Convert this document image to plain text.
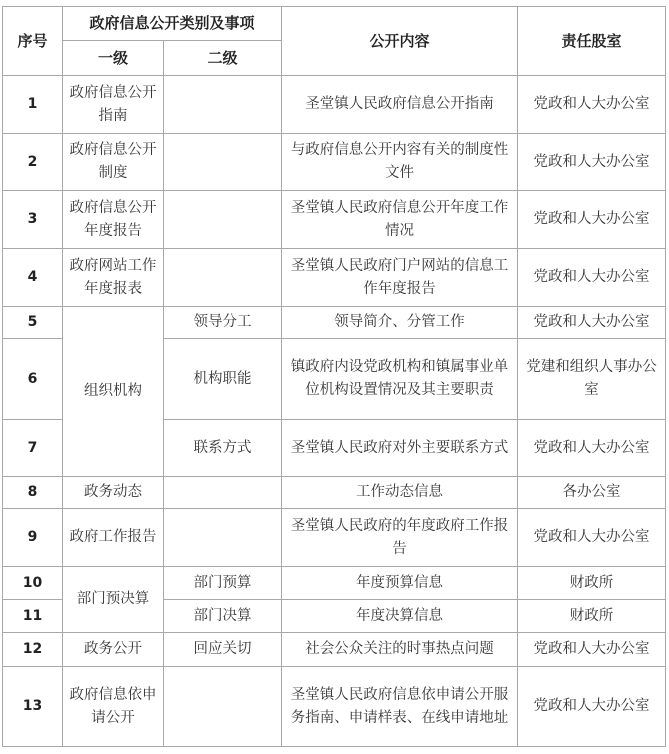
序号	政府信息公开类别及事项		公开内容	责任股室
	一级	二级		
1	政府信息公开指南		圣堂镇人民政府信息公开指南	党政和人大办公室
2	政府信息公开制度		与政府信息公开内容有关的制度性文件	党政和人大办公室
3	政府信息公开年度报告		圣堂镇人民政府信息公开年度工作情况	党政和人大办公室
4	政府网站工作年度报表		圣堂镇人民政府门户网站的信息工作年度报告	党政和人大办公室
5	组织机构	领导分工	领导简介、分管工作	党政和人大办公室
6		机构职能	镇政府内设党政机构和镇属事业单位机构设置情况及其主要职责	党建和组织人事办公室
7		联系方式	圣堂镇人民政府对外主要联系方式	党政和人大办公室
8	政务动态		工作动态信息	各办公室
9	政府工作报告		圣堂镇人民政府的年度政府工作报告	党政和人大办公室
10	部门预决算	部门预算	年度预算信息	财政所
11		部门决算	年度决算信息	财政所
12	政务公开	回应关切	社会公众关注的时事热点问题	党政和人大办公室
13	政府信息依申请公开		圣堂镇人民政府信息依申请公开服务指南、申请样表、在线申请地址	党政和人大办公室
